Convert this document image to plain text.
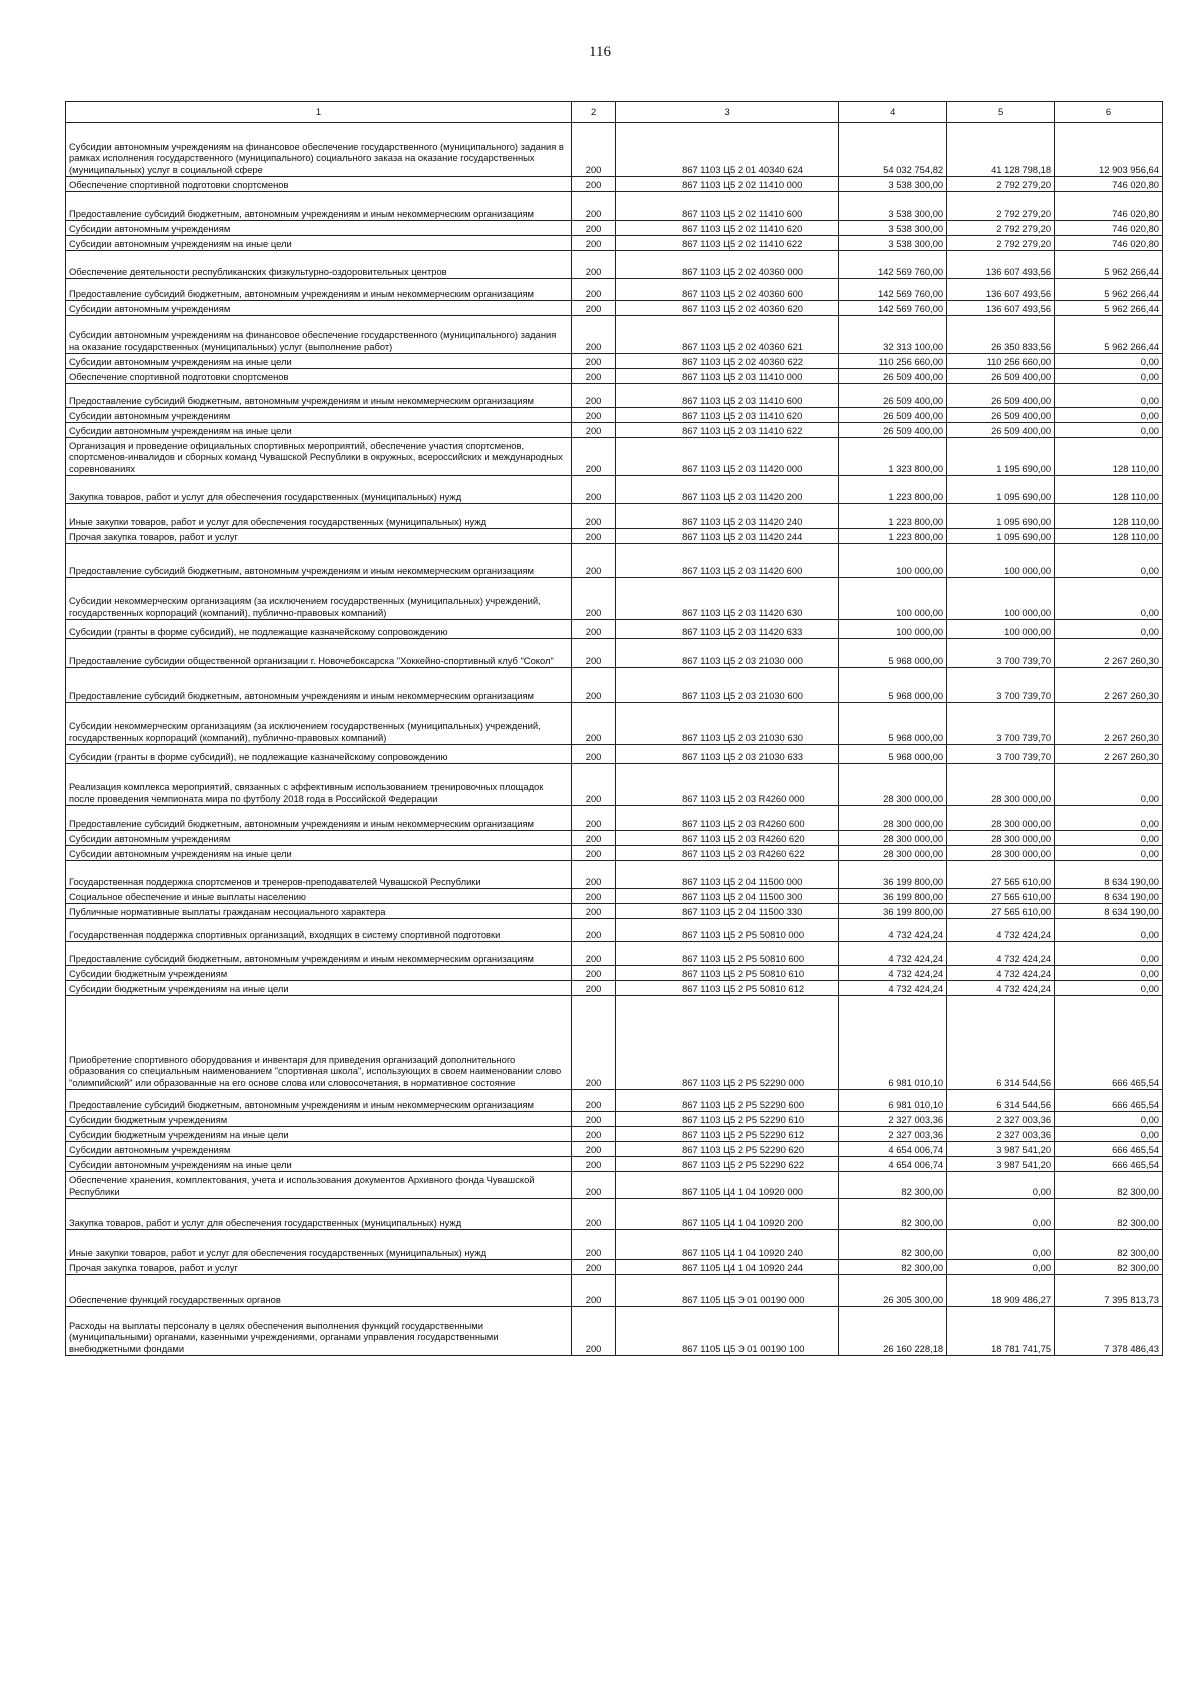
116
1	2	3	4	5	6
Субсидии автономным учреждениям на финансовое обеспечение государственного (муниципального) задания в рамках исполнения государственного (муниципального) социального заказа на оказание государственных (муниципальных) услуг в социальной сфере	200	867 1103 Ц5 2 01 40340 624	54 032 754,82	41 128 798,18	12 903 956,64
Обеспечение спортивной подготовки спортсменов	200	867 1103 Ц5 2 02 11410 000	3 538 300,00	2 792 279,20	746 020,80
Предоставление субсидий бюджетным, автономным учреждениям и иным некоммерческим организациям	200	867 1103 Ц5 2 02 11410 600	3 538 300,00	2 792 279,20	746 020,80
Субсидии автономным учреждениям	200	867 1103 Ц5 2 02 11410 620	3 538 300,00	2 792 279,20	746 020,80
Субсидии автономным учреждениям на иные цели	200	867 1103 Ц5 2 02 11410 622	3 538 300,00	2 792 279,20	746 020,80
Обеспечение деятельности республиканских физкультурно-оздоровительных центров	200	867 1103 Ц5 2 02 40360 000	142 569 760,00	136 607 493,56	5 962 266,44
Предоставление субсидий бюджетным, автономным учреждениям и иным некоммерческим организациям	200	867 1103 Ц5 2 02 40360 600	142 569 760,00	136 607 493,56	5 962 266,44
Субсидии автономным учреждениям	200	867 1103 Ц5 2 02 40360 620	142 569 760,00	136 607 493,56	5 962 266,44
Субсидии автономным учреждениям на финансовое обеспечение государственного (муниципального) задания на оказание государственных (муниципальных) услуг (выполнение работ)	200	867 1103 Ц5 2 02 40360 621	32 313 100,00	26 350 833,56	5 962 266,44
Субсидии автономным учреждениям на иные цели	200	867 1103 Ц5 2 02 40360 622	110 256 660,00	110 256 660,00	0,00
Обеспечение спортивной подготовки спортсменов	200	867 1103 Ц5 2 03 11410 000	26 509 400,00	26 509 400,00	0,00
Предоставление субсидий бюджетным, автономным учреждениям и иным некоммерческим организациям	200	867 1103 Ц5 2 03 11410 600	26 509 400,00	26 509 400,00	0,00
Субсидии автономным учреждениям	200	867 1103 Ц5 2 03 11410 620	26 509 400,00	26 509 400,00	0,00
Субсидии автономным учреждениям на иные цели	200	867 1103 Ц5 2 03 11410 622	26 509 400,00	26 509 400,00	0,00
Организация и проведение официальных спортивных мероприятий, обеспечение участия спортсменов, спортсменов-инвалидов и сборных команд Чувашской Республики в окружных, всероссийских и международных соревнованиях	200	867 1103 Ц5 2 03 11420 000	1 323 800,00	1 195 690,00	128 110,00
Закупка товаров, работ и услуг для обеспечения государственных (муниципальных) нужд	200	867 1103 Ц5 2 03 11420 200	1 223 800,00	1 095 690,00	128 110,00
Иные закупки товаров, работ и услуг для обеспечения государственных (муниципальных) нужд	200	867 1103 Ц5 2 03 11420 240	1 223 800,00	1 095 690,00	128 110,00
Прочая закупка товаров, работ и услуг	200	867 1103 Ц5 2 03 11420 244	1 223 800,00	1 095 690,00	128 110,00
Предоставление субсидий бюджетным, автономным учреждениям и иным некоммерческим организациям	200	867 1103 Ц5 2 03 11420 600	100 000,00	100 000,00	0,00
Субсидии некоммерческим организациям (за исключением государственных (муниципальных) учреждений, государственных корпораций (компаний), публично-правовых компаний)	200	867 1103 Ц5 2 03 11420 630	100 000,00	100 000,00	0,00
Субсидии (гранты в форме субсидий), не подлежащие казначейскому сопровождению	200	867 1103 Ц5 2 03 11420 633	100 000,00	100 000,00	0,00
Предоставление субсидии общественной организации г. Новочебоксарска "Хоккейно-спортивный клуб "Сокол"	200	867 1103 Ц5 2 03 21030 000	5 968 000,00	3 700 739,70	2 267 260,30
Предоставление субсидий бюджетным, автономным учреждениям и иным некоммерческим организациям	200	867 1103 Ц5 2 03 21030 600	5 968 000,00	3 700 739,70	2 267 260,30
Субсидии некоммерческим организациям (за исключением государственных (муниципальных) учреждений, государственных корпораций (компаний), публично-правовых компаний)	200	867 1103 Ц5 2 03 21030 630	5 968 000,00	3 700 739,70	2 267 260,30
Субсидии (гранты в форме субсидий), не подлежащие казначейскому сопровождению	200	867 1103 Ц5 2 03 21030 633	5 968 000,00	3 700 739,70	2 267 260,30
Реализация комплекса мероприятий, связанных с эффективным использованием тренировочных площадок после проведения чемпионата мира по футболу 2018 года в Российской Федерации	200	867 1103 Ц5 2 03 R4260 000	28 300 000,00	28 300 000,00	0,00
Предоставление субсидий бюджетным, автономным учреждениям и иным некоммерческим организациям	200	867 1103 Ц5 2 03 R4260 600	28 300 000,00	28 300 000,00	0,00
Субсидии автономным учреждениям	200	867 1103 Ц5 2 03 R4260 620	28 300 000,00	28 300 000,00	0,00
Субсидии автономным учреждениям на иные цели	200	867 1103 Ц5 2 03 R4260 622	28 300 000,00	28 300 000,00	0,00
Государственная поддержка спортсменов и тренеров-преподавателей Чувашской Республики	200	867 1103 Ц5 2 04 11500 000	36 199 800,00	27 565 610,00	8 634 190,00
Социальное обеспечение и иные выплаты населению	200	867 1103 Ц5 2 04 11500 300	36 199 800,00	27 565 610,00	8 634 190,00
Публичные нормативные выплаты гражданам несоциального характера	200	867 1103 Ц5 2 04 11500 330	36 199 800,00	27 565 610,00	8 634 190,00
Государственная поддержка спортивных организаций, входящих в систему спортивной подготовки	200	867 1103 Ц5 2 P5 50810 000	4 732 424,24	4 732 424,24	0,00
Предоставление субсидий бюджетным, автономным учреждениям и иным некоммерческим организациям	200	867 1103 Ц5 2 P5 50810 600	4 732 424,24	4 732 424,24	0,00
Субсидии бюджетным учреждениям	200	867 1103 Ц5 2 P5 50810 610	4 732 424,24	4 732 424,24	0,00
Субсидии бюджетным учреждениям на иные цели	200	867 1103 Ц5 2 P5 50810 612	4 732 424,24	4 732 424,24	0,00
Приобретение спортивного оборудования и инвентаря для приведения организаций дополнительного образования со специальным наименованием "спортивная школа", использующих в своем наименовании слово "олимпийский" или образованные на его основе слова или словосочетания, в нормативное состояние	200	867 1103 Ц5 2 P5 52290 000	6 981 010,10	6 314 544,56	666 465,54
Предоставление субсидий бюджетным, автономным учреждениям и иным некоммерческим организациям	200	867 1103 Ц5 2 P5 52290 600	6 981 010,10	6 314 544,56	666 465,54
Субсидии бюджетным учреждениям	200	867 1103 Ц5 2 P5 52290 610	2 327 003,36	2 327 003,36	0,00
Субсидии бюджетным учреждениям на иные цели	200	867 1103 Ц5 2 P5 52290 612	2 327 003,36	2 327 003,36	0,00
Субсидии автономным учреждениям	200	867 1103 Ц5 2 P5 52290 620	4 654 006,74	3 987 541,20	666 465,54
Субсидии автономным учреждениям на иные цели	200	867 1103 Ц5 2 P5 52290 622	4 654 006,74	3 987 541,20	666 465,54
Обеспечение хранения, комплектования, учета и использования документов Архивного фонда Чувашской Республики	200	867 1105 Ц4 1 04 10920 000	82 300,00	0,00	82 300,00
Закупка товаров, работ и услуг для обеспечения государственных (муниципальных) нужд	200	867 1105 Ц4 1 04 10920 200	82 300,00	0,00	82 300,00
Иные закупки товаров, работ и услуг для обеспечения государственных (муниципальных) нужд	200	867 1105 Ц4 1 04 10920 240	82 300,00	0,00	82 300,00
Прочая закупка товаров, работ и услуг	200	867 1105 Ц4 1 04 10920 244	82 300,00	0,00	82 300,00
Обеспечение функций государственных органов	200	867 1105 Ц5 Э 01 00190 000	26 305 300,00	18 909 486,27	7 395 813,73
Расходы на выплаты персоналу в целях обеспечения выполнения функций государственными (муниципальными) органами, казенными учреждениями, органами управления государственными внебюджетными фондами	200	867 1105 Ц5 Э 01 00190 100	26 160 228,18	18 781 741,75	7 378 486,43
